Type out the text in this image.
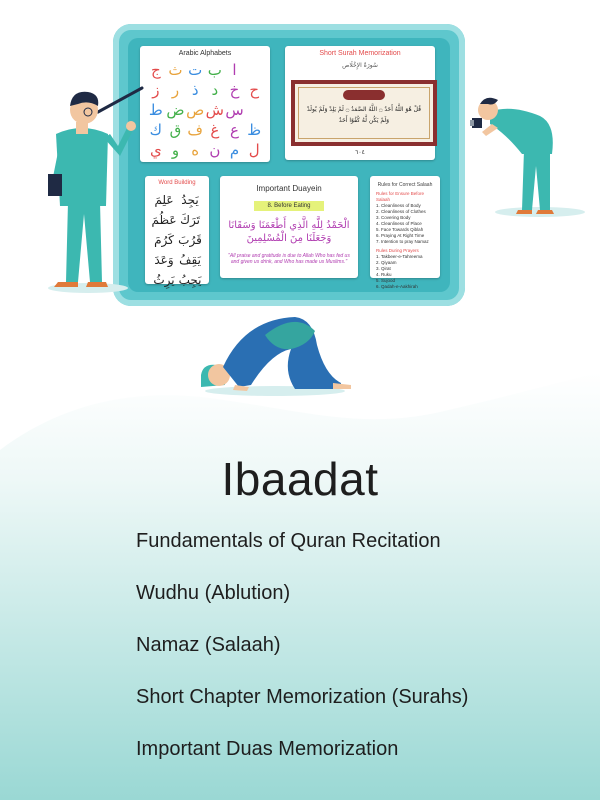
Arabic Alphabets
ج ث ت ب ا
ز ر ذ د خ ح
ط ض ص ش س
ك ق ف غ ع ظ
ي و ه ن م ل
Short Surah Memorization
سُورَةُ الإِخْلَاص
قُلْ هُوَ اللَّهُ أَحَدٌ ۝ اللَّهُ الصَّمَدُ ۝ لَمْ يَلِدْ وَلَمْ يُولَدْ
وَلَمْ يَكُن لَّهُ كُفُوًا أَحَدٌ
٦٠٤
Word Building
عَلِمَ يَجِدُ
عَظُمَ تَرَكَ
كَرُمَ قَرُبَ
وَعَدَ يَقِفُ
يَرِثُ يَجِبُ
Important Duayein
8. Before Eating
الْحَمْدُ لِلَّهِ الَّذِي أَطْعَمَنَا وَسَقَانَا
وَجَعَلَنَا مِنَ الْمُسْلِمِينَ
"All praise and gratitude is due to Allah Who has fed us and given us drink, and Who has made us Muslims."
Rules for Correct Salaah
Rules for Ensure Before Salaah
1. Cleanliness of Body
2. Cleanliness of Clothes
3. Covering Body
4. Cleanliness of Place
5. Face Towards Qiblah
6. Praying At Right Time
7. Intention to pray Namaz
Rules During Prayers
1. Takbeer-e-Tahreema
2. Qiyaam
3. Qirat
4. Ruku
5. Sujood
6. Qadah-e-Aakhirah
Ibaadat
Fundamentals of Quran Recitation
Wudhu (Ablution)
Namaz (Salaah)
Short Chapter Memorization (Surahs)
Important Duas Memorization
